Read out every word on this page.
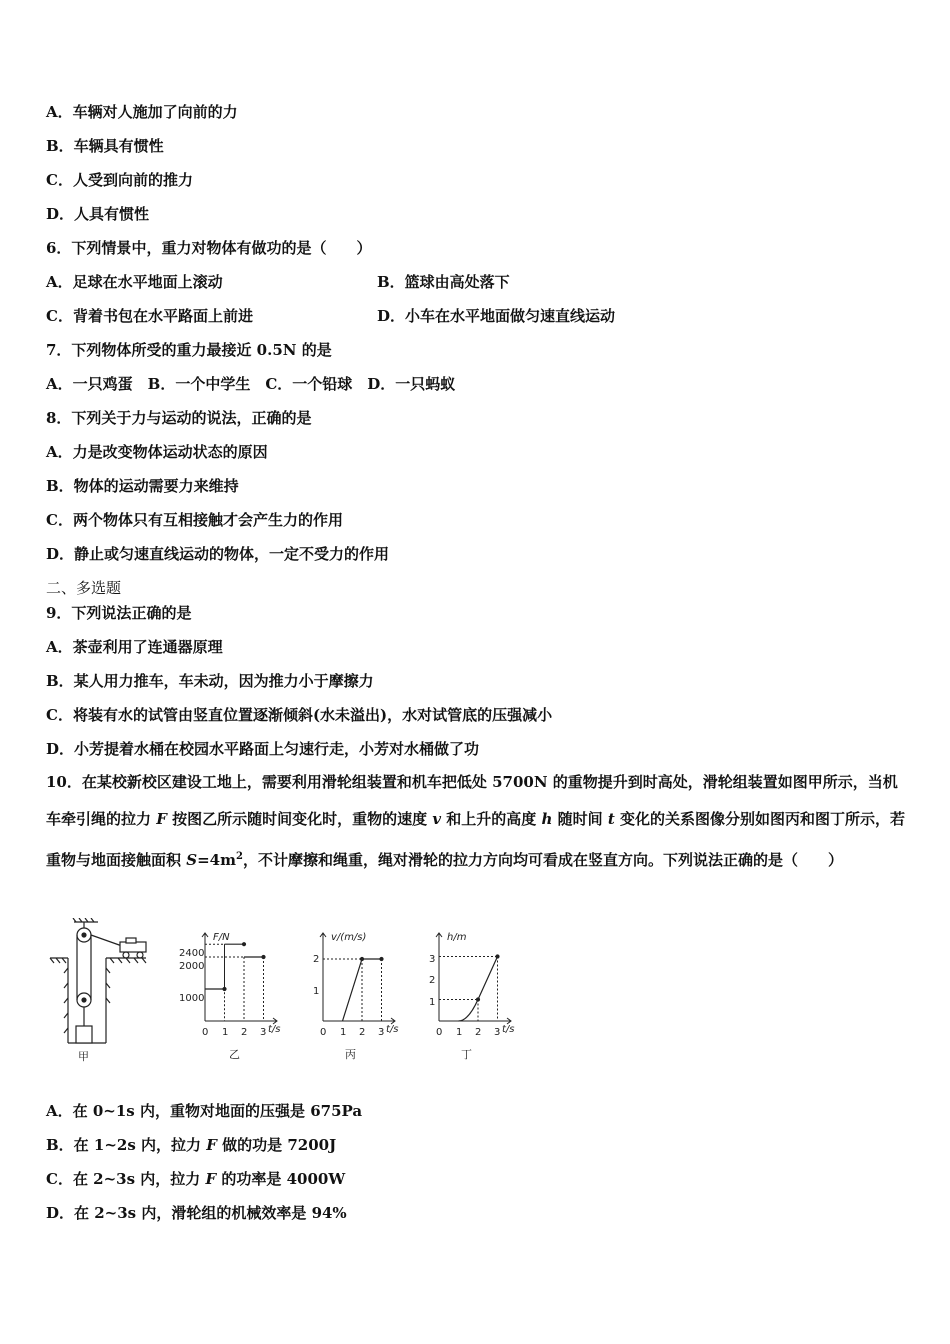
A．车辆对人施加了向前的力
B．车辆具有惯性
C．人受到向前的推力
D．人具有惯性
6．下列情景中，重力对物体有做功的是（　　）
A．足球在水平地面上滚动	B．篮球由高处落下
C．背着书包在水平路面上前进	D．小车在水平地面做匀速直线运动
7．下列物体所受的重力最接近 0.5N 的是
A．一只鸡蛋　B．一个中学生　C．一个铅球　D．一只蚂蚁
8．下列关于力与运动的说法，正确的是
A．力是改变物体运动状态的原因
B．物体的运动需要力来维持
C．两个物体只有互相接触才会产生力的作用
D．静止或匀速直线运动的物体，一定不受力的作用
二、多选题
9．下列说法正确的是
A．茶壶利用了连通器原理
B．某人用力推车，车未动，因为推力小于摩擦力
C．将装有水的试管由竖直位置逐渐倾斜(水未溢出)，水对试管底的压强减小
D．小芳提着水桶在校园水平路面上匀速行走，小芳对水桶做了功
10．在某校新校区建设工地上，需要利用滑轮组装置和机车把低处 5700N 的重物提升到时高处，滑轮组装置如图甲所示，当机车牵引绳的拉力 F 按图乙所示随时间变化时，重物的速度 v 和上升的高度 h 随时间 t 变化的关系图像分别如图丙和图丁所示，若重物与地面接触面积 $S=4m^2$，不计摩擦和绳重，绳对滑轮的拉力方向均可看成在竖直方向。下列说法正确的是（　　）
甲
F/N
t/s
2400
2000
1000
0 1 2 3
乙
v/(m/s)
t/s
2
1
0 1 2 3
丙
h/m
t/s
3
2
1
0 1 2 3
丁
A．在 0~1s 内，重物对地面的压强是 675Pa
B．在 1~2s 内，拉力 F 做的功是 7200J
C．在 2~3s 内，拉力 F 的功率是 4000W
D．在 2~3s 内，滑轮组的机械效率是 94%
